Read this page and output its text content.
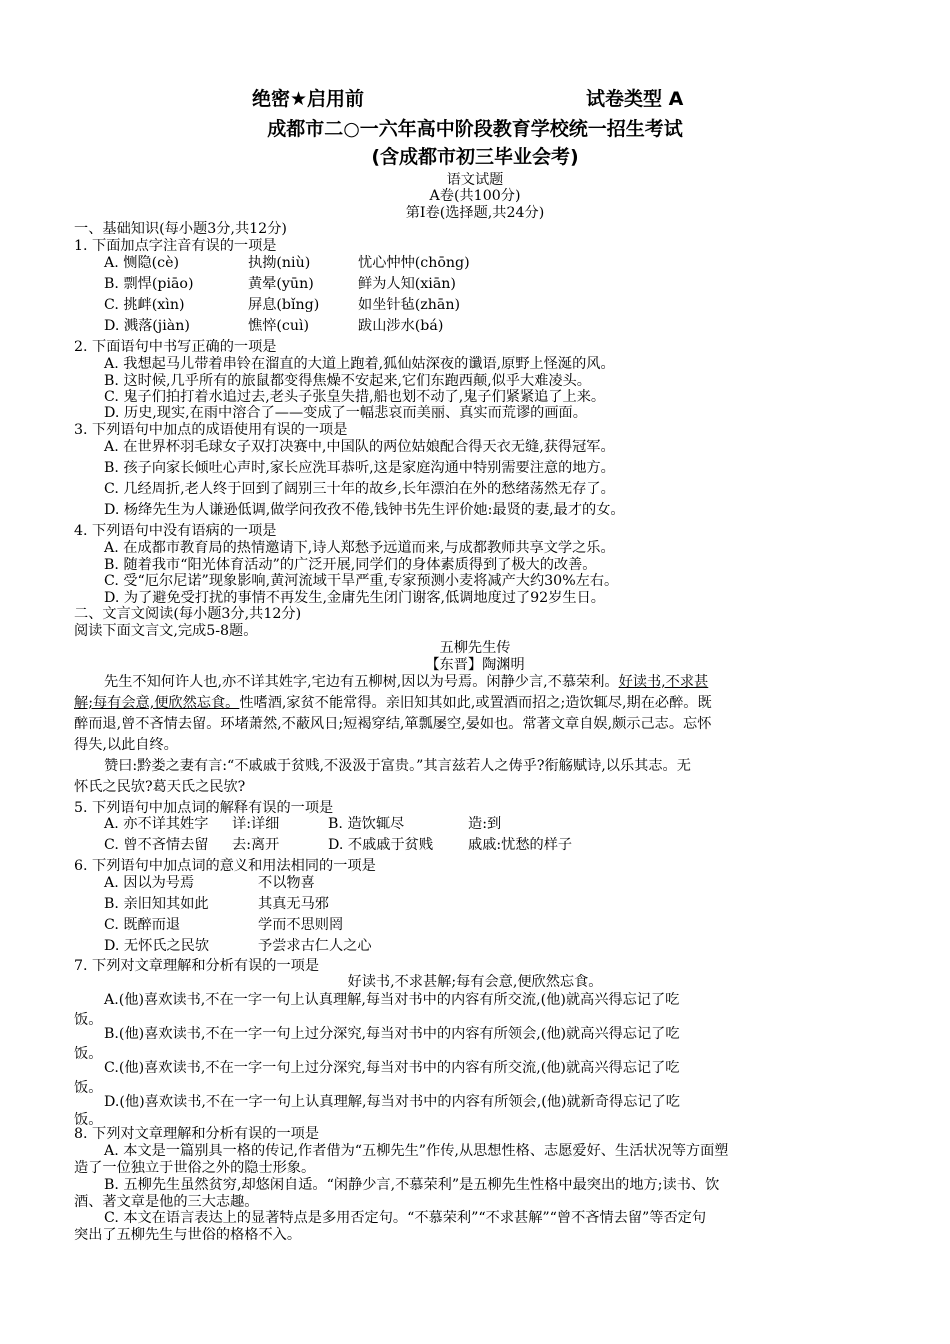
绝密★启用前	试卷类型 A
成都市二○一六年高中阶段教育学校统一招生考试
(含成都市初三毕业会考)
语文试题
A卷(共100分)
第Ⅰ卷(选择题,共24分)
一、基础知识(每小题3分,共12分)
1. 下面加点字注音有误的一项是
A. 恻隐(cè)	执拗(niù)	忧心忡忡(chōng)
B. 剽悍(piāo)	黄晕(yūn)	鲜为人知(xiān)
C. 挑衅(xìn)	屏息(bǐng)	如坐针毡(zhān)
D. 溅落(jiàn)	憔悴(cuì)	跋山涉水(bá)
2. 下面语句中书写正确的一项是
A. 我想起马儿带着串铃在溜直的大道上跑着,狐仙姑深夜的谶语,原野上怪涎的风。
B. 这时候,几乎所有的旅鼠都变得焦燥不安起来,它们东跑西颠,似乎大难凌头。
C. 鬼子们拍打着水追过去,老头子张皇失措,船也划不动了,鬼子们紧紧追了上来。
D. 历史,现实,在雨中溶合了——变成了一幅悲哀而美丽、真实而荒谬的画面。
3. 下列语句中加点的成语使用有误的一项是
A. 在世界杯羽毛球女子双打决赛中,中国队的两位姑娘配合得天衣无缝,获得冠军。
B. 孩子向家长倾吐心声时,家长应洗耳恭听,这是家庭沟通中特别需要注意的地方。
C. 几经周折,老人终于回到了阔别三十年的故乡,长年漂泊在外的愁绪荡然无存了。
D. 杨绛先生为人谦逊低调,做学问孜孜不倦,钱钟书先生评价她:最贤的妻,最才的女。
4. 下列语句中没有语病的一项是
A. 在成都市教育局的热情邀请下,诗人郑愁予远道而来,与成都教师共享文学之乐。
B. 随着我市“阳光体育活动”的广泛开展,同学们的身体素质得到了极大的改善。
C. 受“厄尔尼诺”现象影响,黄河流域干旱严重,专家预测小麦将减产大约30%左右。
D. 为了避免受打扰的事情不再发生,金庸先生闭门谢客,低调地度过了92岁生日。
二、文言文阅读(每小题3分,共12分)
阅读下面文言文,完成5-8题。
五柳先生传
【东晋】陶渊明
先生不知何许人也,亦不详其姓字,宅边有五柳树,因以为号焉。闲静少言,不慕荣利。好读书,不求甚
解;每有会意,便欣然忘食。性嗜酒,家贫不能常得。亲旧知其如此,或置酒而招之;造饮辄尽,期在必醉。既
醉而退,曾不吝情去留。环堵萧然,不蔽风日;短褐穿结,箪瓢屡空,晏如也。常著文章自娱,颇示己志。忘怀
得失,以此自终。
赞曰:黔娄之妻有言:“不戚戚于贫贱,不汲汲于富贵。”其言兹若人之俦乎?衔觞赋诗,以乐其志。无
怀氏之民欤?葛天氏之民欤?
5. 下列语句中加点词的解释有误的一项是
A. 亦不详其姓字 详:详细	B. 造饮辄尽	造:到
C. 曾不吝情去留 去:离开	D. 不戚戚于贫贱 戚戚:忧愁的样子
6. 下列语句中加点词的意义和用法相同的一项是
A. 因以为号焉	不以物喜
B. 亲旧知其如此	其真无马邪
C. 既醉而退	学而不思则罔
D. 无怀氏之民欤	予尝求古仁人之心
7. 下列对文章理解和分析有误的一项是
好读书,不求甚解;每有会意,便欣然忘食。
A.(他)喜欢读书,不在一字一句上认真理解,每当对书中的内容有所交流,(他)就高兴得忘记了吃
饭。
B.(他)喜欢读书,不在一字一句上过分深究,每当对书中的内容有所领会,(他)就高兴得忘记了吃
饭。
C.(他)喜欢读书,不在一字一句上过分深究,每当对书中的内容有所交流,(他)就高兴得忘记了吃
饭。
D.(他)喜欢读书,不在一字一句上认真理解,每当对书中的内容有所领会,(他)就新奇得忘记了吃
饭。
8. 下列对文章理解和分析有误的一项是
A. 本文是一篇别具一格的传记,作者借为“五柳先生”作传,从思想性格、志愿爱好、生活状况等方面塑
造了一位独立于世俗之外的隐士形象。
B. 五柳先生虽然贫穷,却悠闲自适。“闲静少言,不慕荣利”是五柳先生性格中最突出的地方;读书、饮
酒、著文章是他的三大志趣。
C. 本文在语言表达上的显著特点是多用否定句。“不慕荣利”“不求甚解”“曾不吝情去留”等否定句
突出了五柳先生与世俗的格格不入。
